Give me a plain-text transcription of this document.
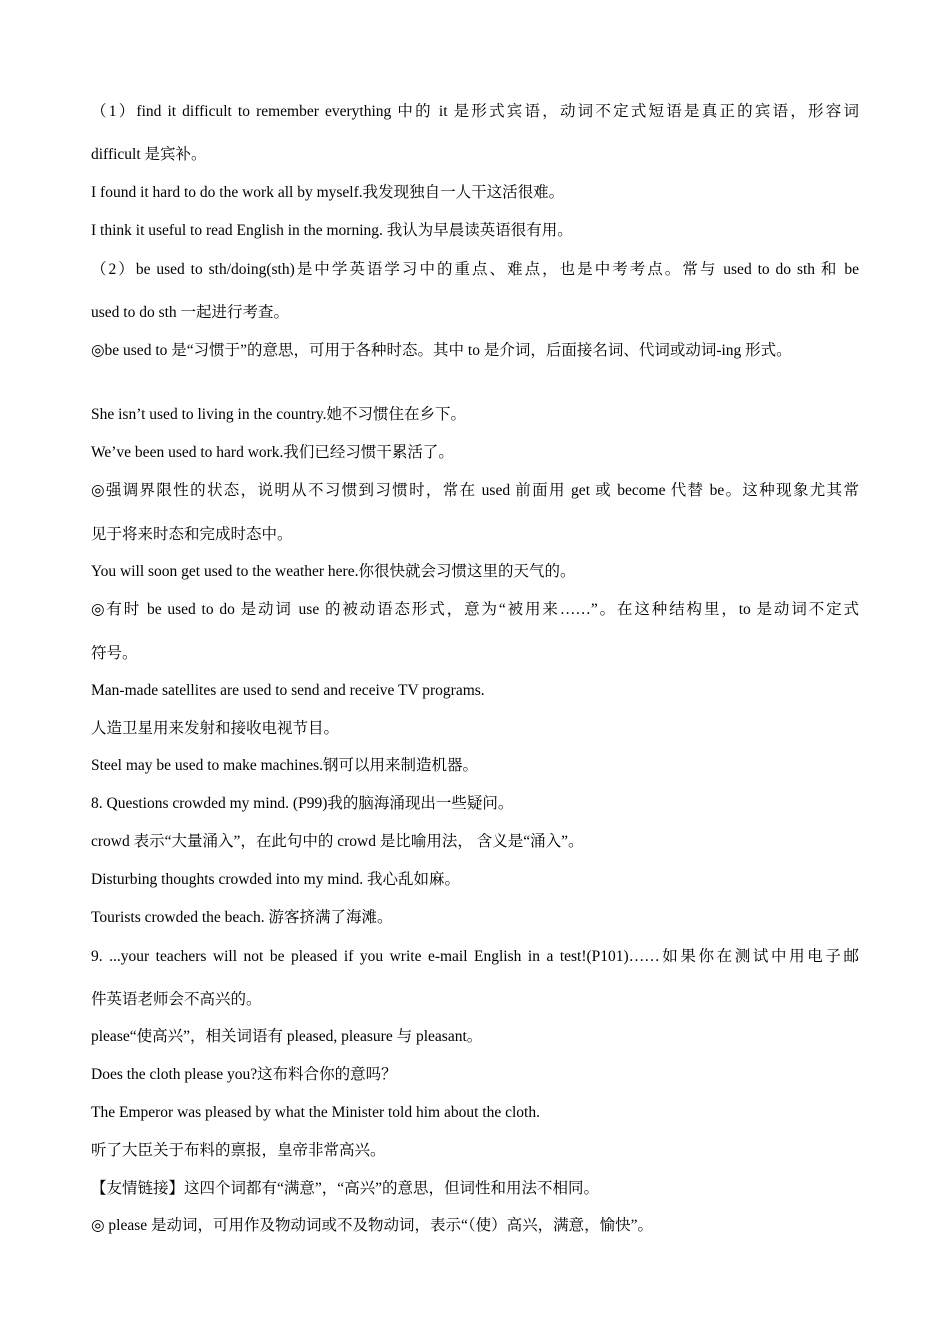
（1）find it difficult to remember everything 中的 it 是形式宾语，动词不定式短语是真正的宾语，形容词
difficult 是宾补。
I found it hard to do the work all by myself.我发现独自一人干这活很难。
I think it useful to read English in the morning. 我认为早晨读英语很有用。
（2）be used to sth/doing(sth)是中学英语学习中的重点、难点，也是中考考点。常与 used to do sth 和 be
used to do sth 一起进行考查。
◎be used to 是“习惯于”的意思，可用于各种时态。其中 to 是介词，后面接名词、代词或动词-ing 形式。
She isn’t used to living in the country.她不习惯住在乡下。
We’ve been used to hard work.我们已经习惯干累活了。
◎强调界限性的状态，说明从不习惯到习惯时，常在 used 前面用 get 或 become 代替 be。这种现象尤其常
见于将来时态和完成时态中。
You will soon get used to the weather here.你很快就会习惯这里的天气的。
◎有时 be used to do 是动词 use 的被动语态形式，意为“被用来……”。在这种结构里，to 是动词不定式
符号。
Man-made satellites are used to send and receive TV programs.
人造卫星用来发射和接收电视节目。
Steel may be used to make machines.钢可以用来制造机器。
8. Questions crowded my mind. (P99)我的脑海涌现出一些疑问。
crowd 表示“大量涌入”，在此句中的 crowd 是比喻用法， 含义是“涌入”。
Disturbing thoughts crowded into my mind. 我心乱如麻。
Tourists crowded the beach. 游客挤满了海滩。
9. ...your teachers will not be pleased if you write e-mail English in a test!(P101)……如果你在测试中用电子邮
件英语老师会不高兴的。
please“使高兴”，相关词语有 pleased, pleasure 与 pleasant。
Does the cloth please you?这布料合你的意吗？
The Emperor was pleased by what the Minister told him about the cloth.
听了大臣关于布料的禀报，皇帝非常高兴。
【友情链接】这四个词都有“满意”，“高兴”的意思，但词性和用法不相同。
◎ please 是动词，可用作及物动词或不及物动词，表示“（使）高兴，满意，愉快”。
